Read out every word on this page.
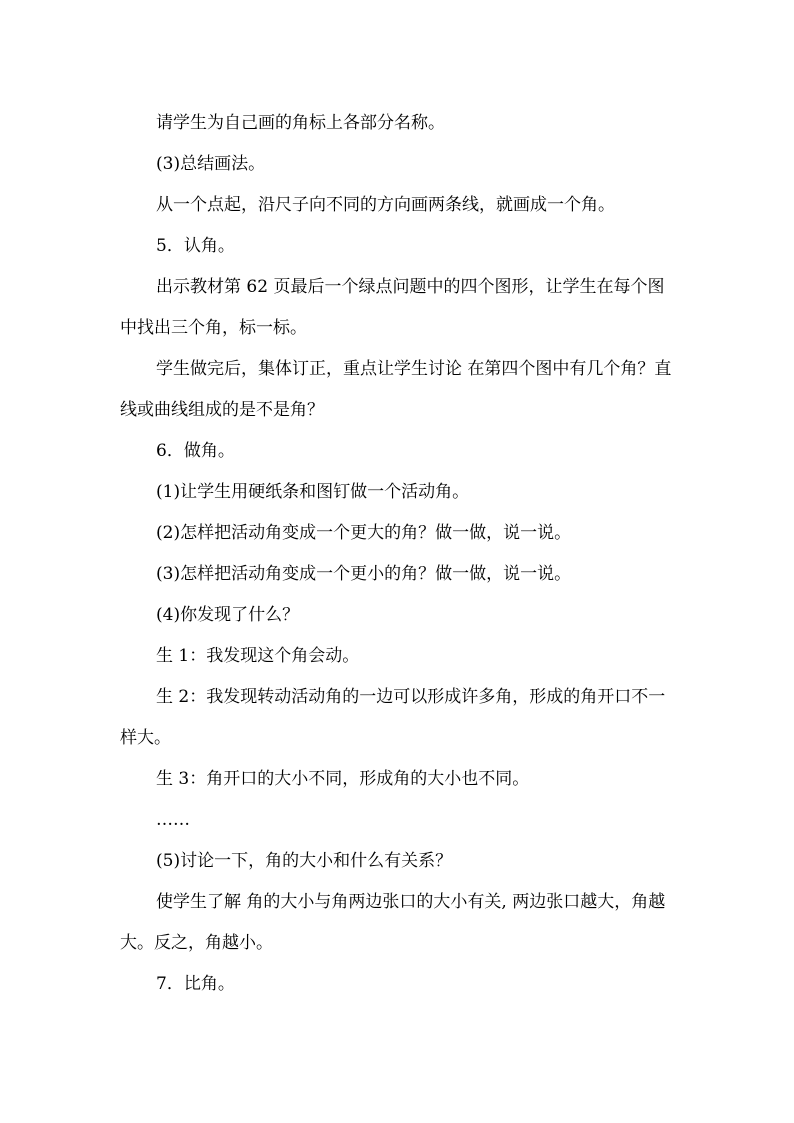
请学生为自己画的角标上各部分名称。

(3)总结画法。

从一个点起，沿尺子向不同的方向画两条线，就画成一个角。

5．认角。

出示教材第 62 页最后一个绿点问题中的四个图形，让学生在每个图中找出三个角，标一标。

学生做完后，集体订正，重点让学生讨论 在第四个图中有几个角？直线或曲线组成的是不是角？

6．做角。

(1)让学生用硬纸条和图钉做一个活动角。

(2)怎样把活动角变成一个更大的角？做一做，说一说。

(3)怎样把活动角变成一个更小的角？做一做，说一说。

(4)你发现了什么？

生 1：我发现这个角会动。

生 2：我发现转动活动角的一边可以形成许多角，形成的角开口不一样大。

生 3：角开口的大小不同，形成角的大小也不同。

……

(5)讨论一下，角的大小和什么有关系？

使学生了解 角的大小与角两边张口的大小有关, 两边张口越大，角越大。反之，角越小。

7．比角。
